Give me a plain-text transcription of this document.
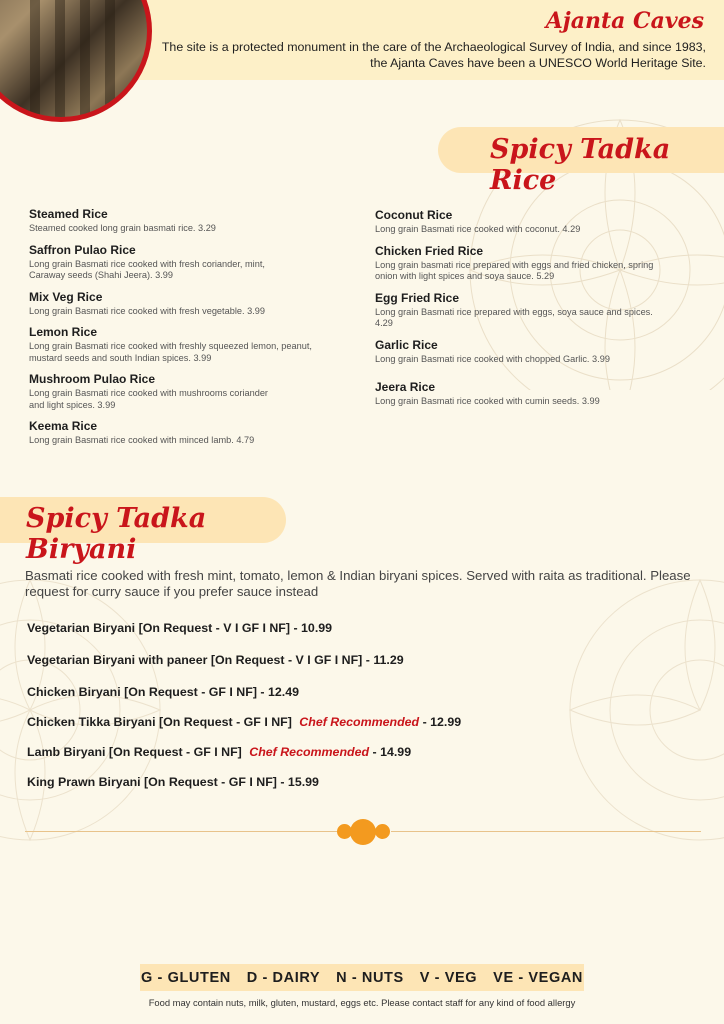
Ajanta Caves
The site is a protected monument in the care of the Archaeological Survey of India, and since 1983, the Ajanta Caves have been a UNESCO World Heritage Site.
Spicy Tadka Rice
Steamed Rice
Steamed cooked long grain basmati rice. 3.29
Saffron Pulao Rice
Long grain Basmati rice cooked with fresh coriander, mint, Caraway seeds (Shahi Jeera). 3.99
Mix Veg Rice
Long grain Basmati rice cooked with fresh vegetable. 3.99
Lemon Rice
Long grain Basmati rice cooked with freshly squeezed lemon, peanut, mustard seeds and south Indian spices. 3.99
Mushroom Pulao Rice
Long grain Basmati rice cooked with mushrooms coriander and light spices. 3.99
Keema Rice
Long grain Basmati rice cooked with minced lamb. 4.79
Coconut Rice
Long grain Basmati rice cooked with coconut. 4.29
Chicken Fried Rice
Long grain basmati rice prepared with eggs and fried chicken, spring onion with light spices and soya sauce. 5.29
Egg Fried Rice
Long grain Basmati rice prepared with eggs, soya sauce and spices. 4.29
Garlic Rice
Long grain Basmati rice cooked with chopped Garlic. 3.99
Jeera Rice
Long grain Basmati rice cooked with cumin seeds. 3.99
Spicy Tadka Biryani
Basmati rice cooked with fresh mint, tomato, lemon & Indian biryani spices. Served with raita as traditional. Please request for curry sauce if you prefer sauce instead
Vegetarian Biryani [On Request - V I GF I NF] - 10.99
Vegetarian Biryani with paneer [On Request - V I GF I NF] - 11.29
Chicken Biryani [On Request - GF I NF] - 12.49
Chicken Tikka Biryani [On Request - GF I NF] Chef Recommended - 12.99
Lamb Biryani [On Request - GF I NF] Chef Recommended - 14.99
King Prawn Biryani [On Request - GF I NF] - 15.99
G - GLUTEN D - DAIRY N - NUTS V - VEG VE - VEGAN
Food may contain nuts, milk, gluten, mustard, eggs etc. Please contact staff for any kind of food allergy
